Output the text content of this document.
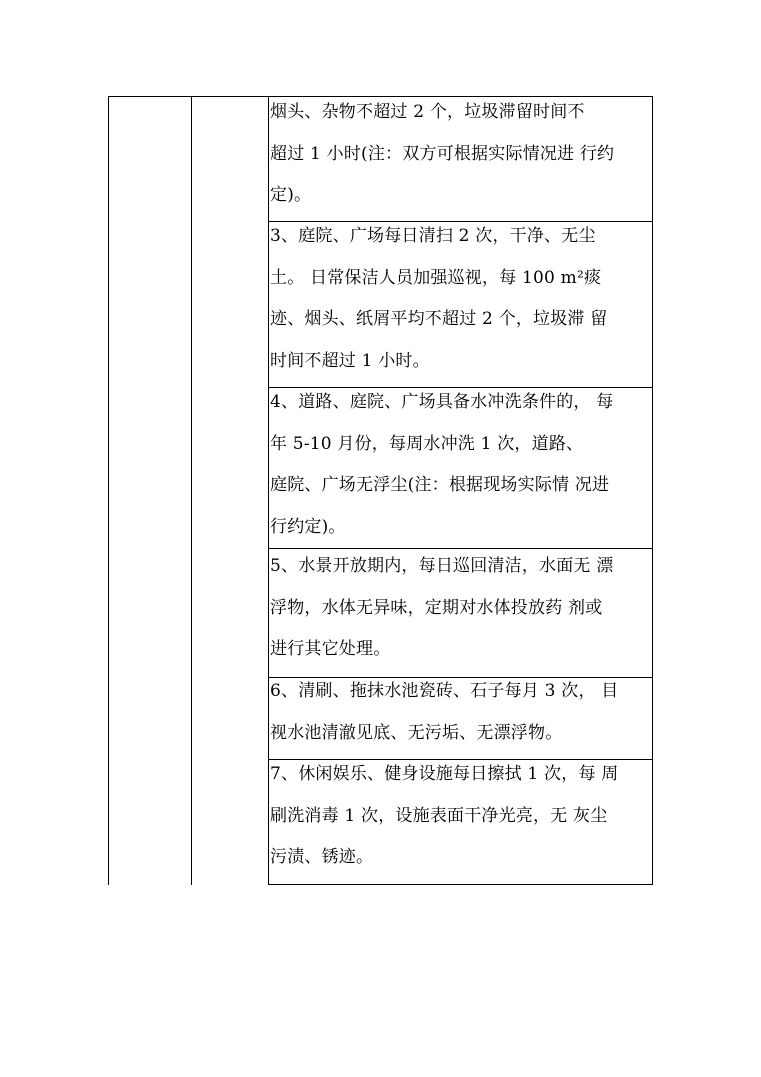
烟头、杂物不超过 2 个，垃圾滞留时间不
超过 1 小时(注：双方可根据实际情况进 行约
定)。
3、庭院、广场每日清扫 2 次，干净、无尘
土。 日常保洁人员加强巡视，每 100 m²痰
迹、烟头、纸屑平均不超过 2 个，垃圾滞 留
时间不超过 1 小时。
4、道路、庭院、广场具备水冲洗条件的， 每
年 5-10 月份，每周水冲洗 1 次，道路、
庭院、广场无浮尘(注：根据现场实际情 况进
行约定)。
5、水景开放期内，每日巡回清洁，水面无 漂
浮物，水体无异味，定期对水体投放药 剂或
进行其它处理。
6、清刷、拖抹水池瓷砖、石子每月 3 次， 目
视水池清澈见底、无污垢、无漂浮物。
7、休闲娱乐、健身设施每日擦拭 1 次，每 周
刷洗消毒 1 次，设施表面干净光亮，无 灰尘
污渍、锈迹。
